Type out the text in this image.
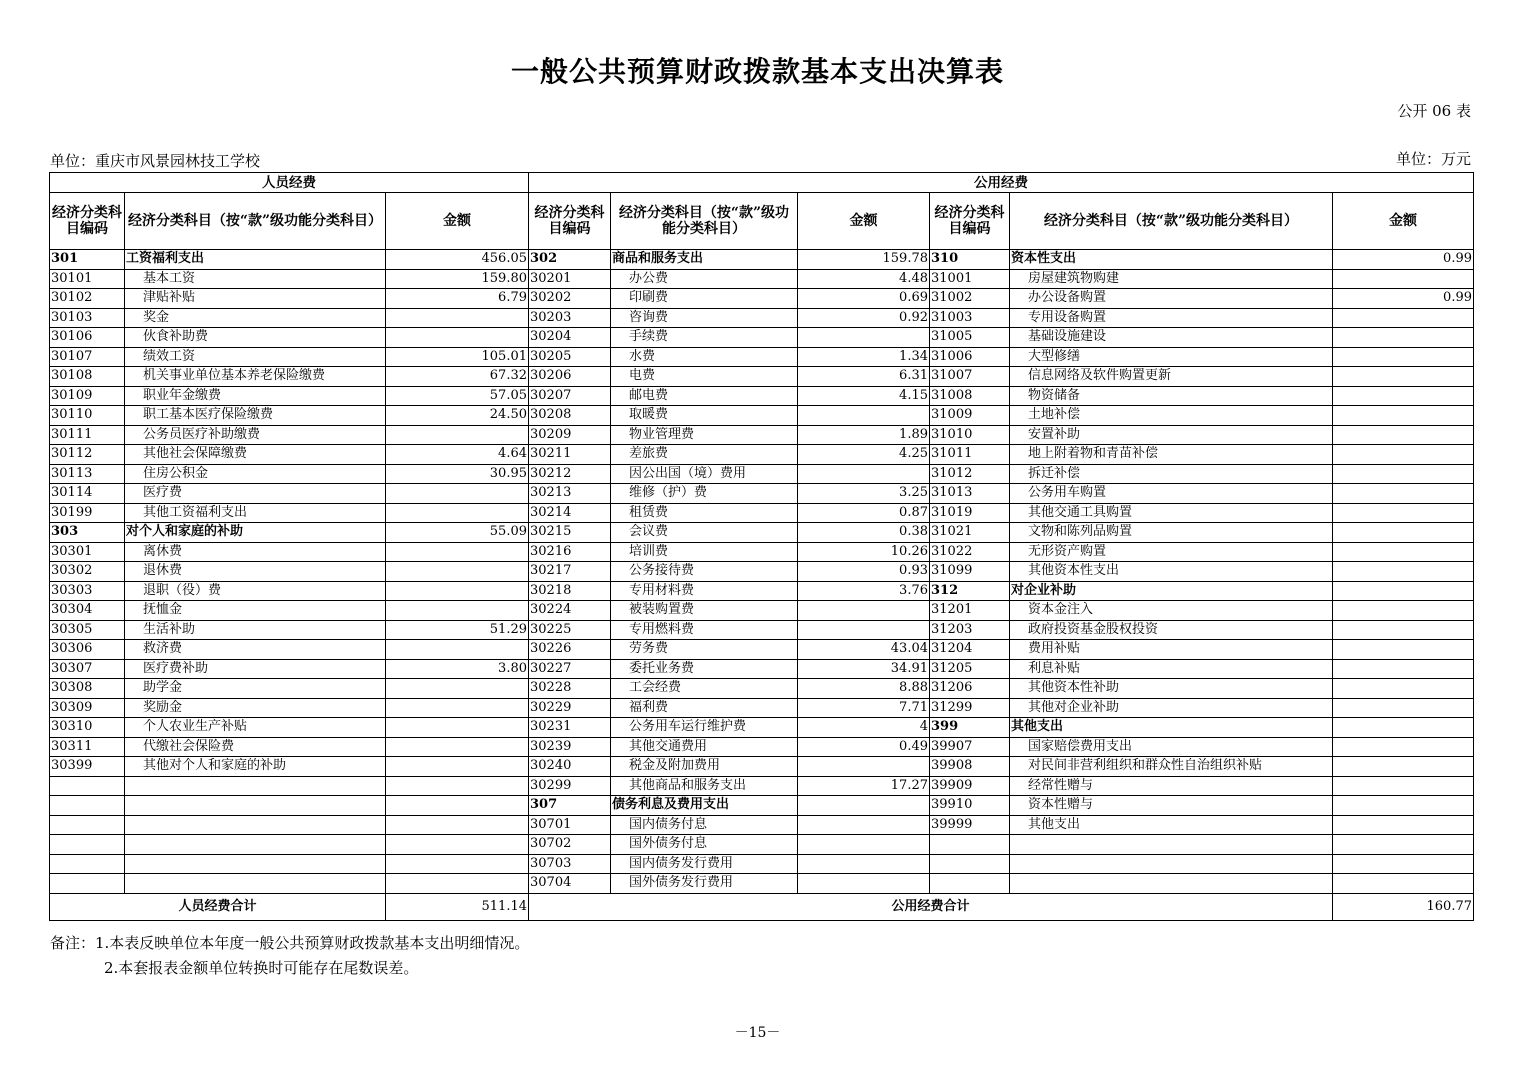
一般公共预算财政拨款基本支出决算表
公开 06 表
单位：重庆市风景园林技工学校	单位：万元
人员经费			公用经费					
经济分类科目编码	经济分类科目（按“款”级功能分类科目）	金额	经济分类科目编码	经济分类科目（按“款”级功能分类科目）	金额	经济分类科目编码	经济分类科目（按“款”级功能分类科目）	金额
301	工资福利支出	456.05	302	商品和服务支出	159.78	310	资本性支出	0.99
30101	基本工资	159.80	30201	办公费	4.48	31001	房屋建筑物购建	
30102	津贴补贴	6.79	30202	印刷费	0.69	31002	办公设备购置	0.99
30103	奖金		30203	咨询费	0.92	31003	专用设备购置	
30106	伙食补助费		30204	手续费		31005	基础设施建设	
30107	绩效工资	105.01	30205	水费	1.34	31006	大型修缮	
30108	机关事业单位基本养老保险缴费	67.32	30206	电费	6.31	31007	信息网络及软件购置更新	
30109	职业年金缴费	57.05	30207	邮电费	4.15	31008	物资储备	
30110	职工基本医疗保险缴费	24.50	30208	取暖费		31009	土地补偿	
30111	公务员医疗补助缴费		30209	物业管理费	1.89	31010	安置补助	
30112	其他社会保障缴费	4.64	30211	差旅费	4.25	31011	地上附着物和青苗补偿	
30113	住房公积金	30.95	30212	因公出国（境）费用		31012	拆迁补偿	
30114	医疗费		30213	维修（护）费	3.25	31013	公务用车购置	
30199	其他工资福利支出		30214	租赁费	0.87	31019	其他交通工具购置	
303	对个人和家庭的补助	55.09	30215	会议费	0.38	31021	文物和陈列品购置	
30301	离休费		30216	培训费	10.26	31022	无形资产购置	
30302	退休费		30217	公务接待费	0.93	31099	其他资本性支出	
30303	退职（役）费		30218	专用材料费	3.76	312	对企业补助	
30304	抚恤金		30224	被装购置费		31201	资本金注入	
30305	生活补助	51.29	30225	专用燃料费		31203	政府投资基金股权投资	
30306	救济费		30226	劳务费	43.04	31204	费用补贴	
30307	医疗费补助	3.80	30227	委托业务费	34.91	31205	利息补贴	
30308	助学金		30228	工会经费	8.88	31206	其他资本性补助	
30309	奖励金		30229	福利费	7.71	31299	其他对企业补助	
30310	个人农业生产补贴		30231	公务用车运行维护费	4	399	其他支出	
30311	代缴社会保险费		30239	其他交通费用	0.49	39907	国家赔偿费用支出	
30399	其他对个人和家庭的补助		30240	税金及附加费用		39908	对民间非营利组织和群众性自治组织补贴	
			30299	其他商品和服务支出	17.27	39909	经常性赠与	
			307	债务利息及费用支出		39910	资本性赠与	
			30701	国内债务付息		39999	其他支出	
			30702	国外债务付息				
			30703	国内债务发行费用				
			30704	国外债务发行费用				
人员经费合计		511.14	公用经费合计					160.77
备注：1.本表反映单位本年度一般公共预算财政拨款基本支出明细情况。
2.本套报表金额单位转换时可能存在尾数误差。
－15－
